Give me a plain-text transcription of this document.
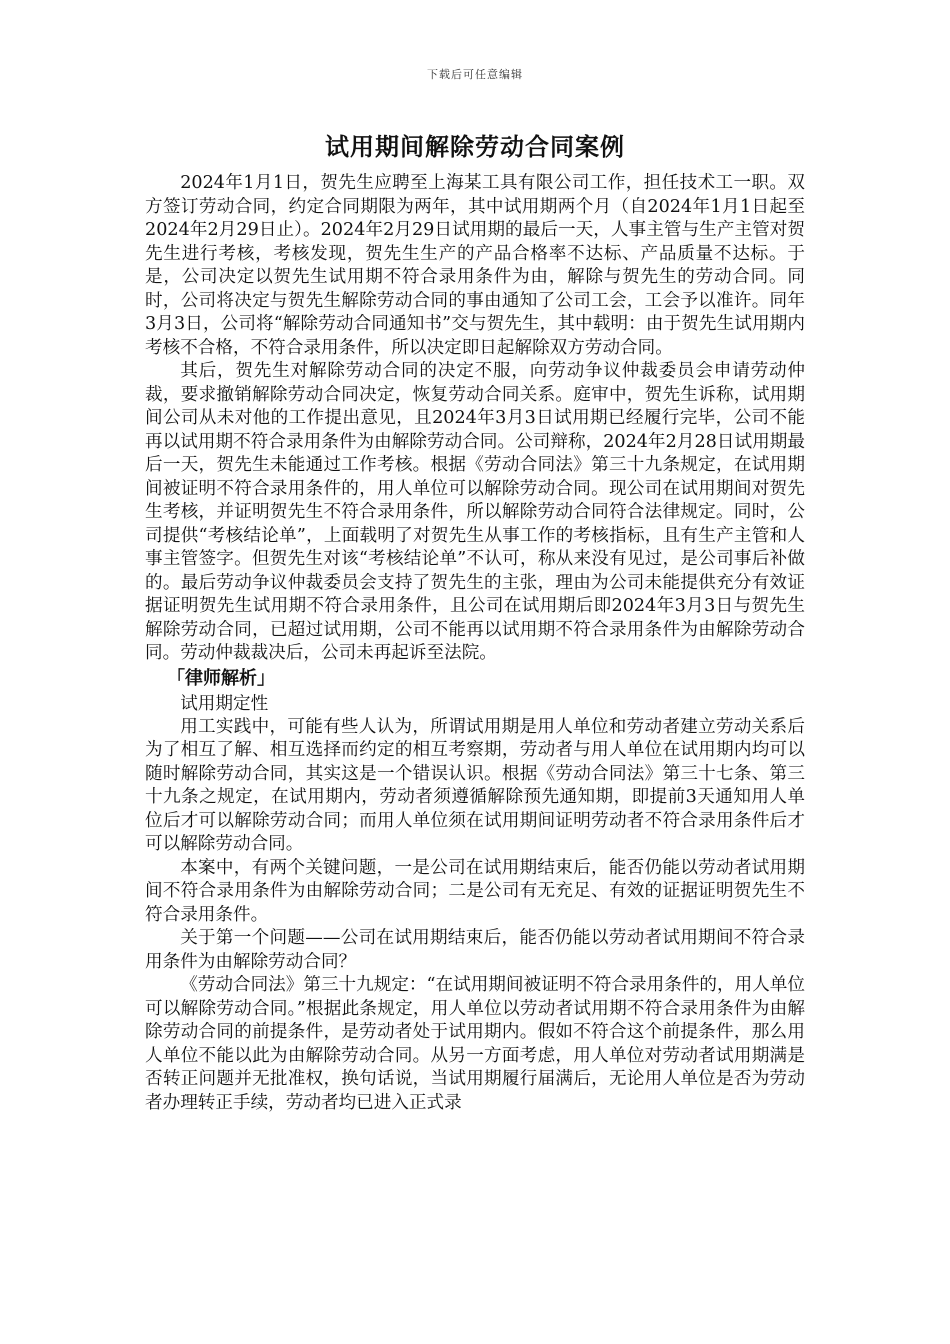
下载后可任意编辑
试用期间解除劳动合同案例

2024年1月1日，贺先生应聘至上海某工具有限公司工作，担任技术工一职。双方签订劳动合同，约定合同期限为两年，其中试用期两个月（自2024年1月1日起至2024年2月29日止）。2024年2月29日试用期的最后一天，人事主管与生产主管对贺先生进行考核，考核发现，贺先生生产的产品合格率不达标、产品质量不达标。于是，公司决定以贺先生试用期不符合录用条件为由，解除与贺先生的劳动合同。同时，公司将决定与贺先生解除劳动合同的事由通知了公司工会，工会予以准许。同年3月3日，公司将“解除劳动合同通知书”交与贺先生，其中载明：由于贺先生试用期内考核不合格，不符合录用条件，所以决定即日起解除双方劳动合同。

其后，贺先生对解除劳动合同的决定不服，向劳动争议仲裁委员会申请劳动仲裁，要求撤销解除劳动合同决定，恢复劳动合同关系。庭审中，贺先生诉称，试用期间公司从未对他的工作提出意见，且2024年3月3日试用期已经履行完毕，公司不能再以试用期不符合录用条件为由解除劳动合同。公司辩称，2024年2月28日试用期最后一天，贺先生未能通过工作考核。根据《劳动合同法》第三十九条规定，在试用期间被证明不符合录用条件的，用人单位可以解除劳动合同。现公司在试用期间对贺先生考核，并证明贺先生不符合录用条件，所以解除劳动合同符合法律规定。同时，公司提供“考核结论单”，上面载明了对贺先生从事工作的考核指标，且有生产主管和人事主管签字。但贺先生对该“考核结论单”不认可，称从来没有见过，是公司事后补做的。最后劳动争议仲裁委员会支持了贺先生的主张，理由为公司未能提供充分有效证据证明贺先生试用期不符合录用条件，且公司在试用期后即2024年3月3日与贺先生解除劳动合同，已超过试用期，公司不能再以试用期不符合录用条件为由解除劳动合同。劳动仲裁裁决后，公司未再起诉至法院。

「律师解析」
试用期定性

用工实践中，可能有些人认为，所谓试用期是用人单位和劳动者建立劳动关系后为了相互了解、相互选择而约定的相互考察期，劳动者与用人单位在试用期内均可以随时解除劳动合同，其实这是一个错误认识。根据《劳动合同法》第三十七条、第三十九条之规定，在试用期内，劳动者须遵循解除预先通知期，即提前3天通知用人单位后才可以解除劳动合同；而用人单位须在试用期间证明劳动者不符合录用条件后才可以解除劳动合同。

本案中，有两个关键问题，一是公司在试用期结束后，能否仍能以劳动者试用期间不符合录用条件为由解除劳动合同；二是公司有无充足、有效的证据证明贺先生不符合录用条件。

关于第一个问题——公司在试用期结束后，能否仍能以劳动者试用期间不符合录用条件为由解除劳动合同？

《劳动合同法》第三十九规定：“在试用期间被证明不符合录用条件的，用人单位可以解除劳动合同。”根据此条规定，用人单位以劳动者试用期不符合录用条件为由解除劳动合同的前提条件，是劳动者处于试用期内。假如不符合这个前提条件，那么用人单位不能以此为由解除劳动合同。从另一方面考虑，用人单位对劳动者试用期满是否转正问题并无批准权，换句话说，当试用期履行届满后，无论用人单位是否为劳动者办理转正手续，劳动者均已进入正式录
